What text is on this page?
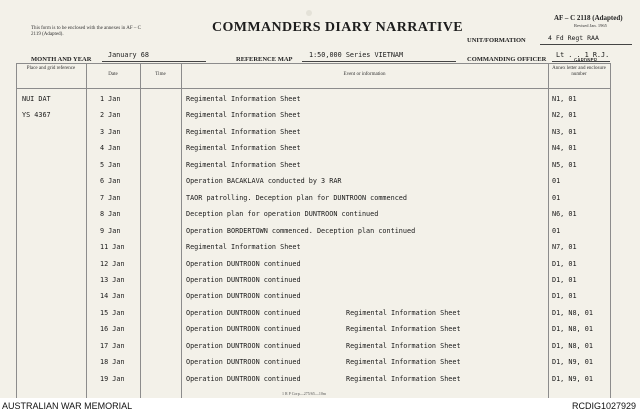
This form is to be enclosed with the annexes in AF – C 2119 (Adapted).	COMMANDERS DIARY NARRATIVE
AF – C 2118 (Adapted)
Revised Jan. 1965
UNIT/FORMATION	4 Fd Regt RAA
MONTH AND YEAR
January 68
REFERENCE MAP
1:50,000 Series VIETNAM
COMMANDING OFFICER
Lt . . 1 R.J.
GARDNER
Place and grid reference
Date	Time	Event or information
Annex letter and enclosure number
NUI DAT	1 Jan	Regimental Information Sheet	N1, 01
YS 4367	2 Jan	Regimental Information Sheet	N2, 01
3 Jan	Regimental Information Sheet	N3, 01
4 Jan	Regimental Information Sheet	N4, 01
5 Jan	Regimental Information Sheet	N5, 01
6 Jan	Operation BACAKLAVA conducted by 3 RAR	01
7 Jan	TAOR patrolling. Deception plan for DUNTROON commenced	01
8 Jan	Deception plan for operation DUNTROON continued	N6, 01
9 Jan	Operation BORDERTOWN commenced. Deception plan continued	01
11 Jan	Regimental Information Sheet	N7, 01
12 Jan	Operation DUNTROON continued	D1, 01
13 Jan	Operation DUNTROON continued	D1, 01
14 Jan	Operation DUNTROON continued	D1, 01
15 Jan	Operation DUNTROON continued	Regimental Information Sheet	D1, N8, 01
16 Jan	Operation DUNTROON continued	Regimental Information Sheet	D1, N8, 01
17 Jan	Operation DUNTROON continued	Regimental Information Sheet	D1, N8, 01
18 Jan	Operation DUNTROON continued	Regimental Information Sheet	D1, N9, 01
19 Jan	Operation DUNTROON continued	Regimental Information Sheet	D1, N9, 01
1 R P Corp—275/65—10m
AUSTRALIAN WAR MEMORIAL	RCDIG1027929
